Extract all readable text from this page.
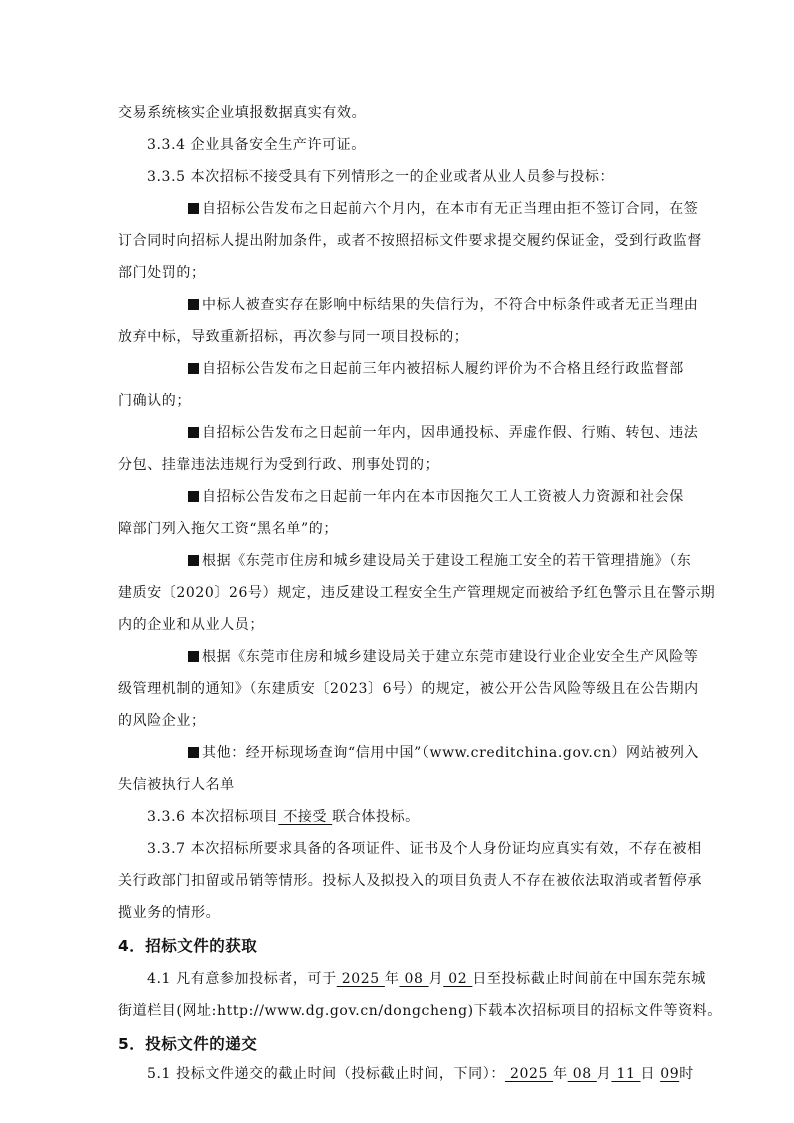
交易系统核实企业填报数据真实有效。
3.3.4 企业具备安全生产许可证。
3.3.5 本次招标不接受具有下列情形之一的企业或者从业人员参与投标：
自招标公告发布之日起前六个月内，在本市有无正当理由拒不签订合同，在签
订合同时向招标人提出附加条件，或者不按照招标文件要求提交履约保证金，受到行政监督
部门处罚的；
中标人被查实存在影响中标结果的失信行为，不符合中标条件或者无正当理由
放弃中标，导致重新招标，再次参与同一项目投标的；
自招标公告发布之日起前三年内被招标人履约评价为不合格且经行政监督部
门确认的；
自招标公告发布之日起前一年内，因串通投标、弄虚作假、行贿、转包、违法
分包、挂靠违法违规行为受到行政、刑事处罚的；
自招标公告发布之日起前一年内在本市因拖欠工人工资被人力资源和社会保
障部门列入拖欠工资“黑名单”的；
根据《东莞市住房和城乡建设局关于建设工程施工安全的若干管理措施》（东
建质安〔2020〕26号）规定，违反建设工程安全生产管理规定而被给予红色警示且在警示期
内的企业和从业人员；
根据《东莞市住房和城乡建设局关于建立东莞市建设行业企业安全生产风险等
级管理机制的通知》（东建质安〔2023〕6号）的规定，被公开公告风险等级且在公告期内
的风险企业；
其他：经开标现场查询“信用中国”（www.creditchina.gov.cn）网站被列入
失信被执行人名单
3.3.6 本次招标项目 不接受 联合体投标。
3.3.7 本次招标所要求具备的各项证件、证书及个人身份证均应真实有效，不存在被相
关行政部门扣留或吊销等情形。投标人及拟投入的项目负责人不存在被依法取消或者暂停承
揽业务的情形。
4．招标文件的获取
4.1 凡有意参加投标者，可于 2025 年 08 月 02 日至投标截止时间前在中国东莞东城
街道栏目(网址:http://www.dg.gov.cn/dongcheng)下载本次招标项目的招标文件等资料。
5．投标文件的递交
5.1 投标文件递交的截止时间（投标截止时间，下同）： 2025 年 08 月 11 日 09时
